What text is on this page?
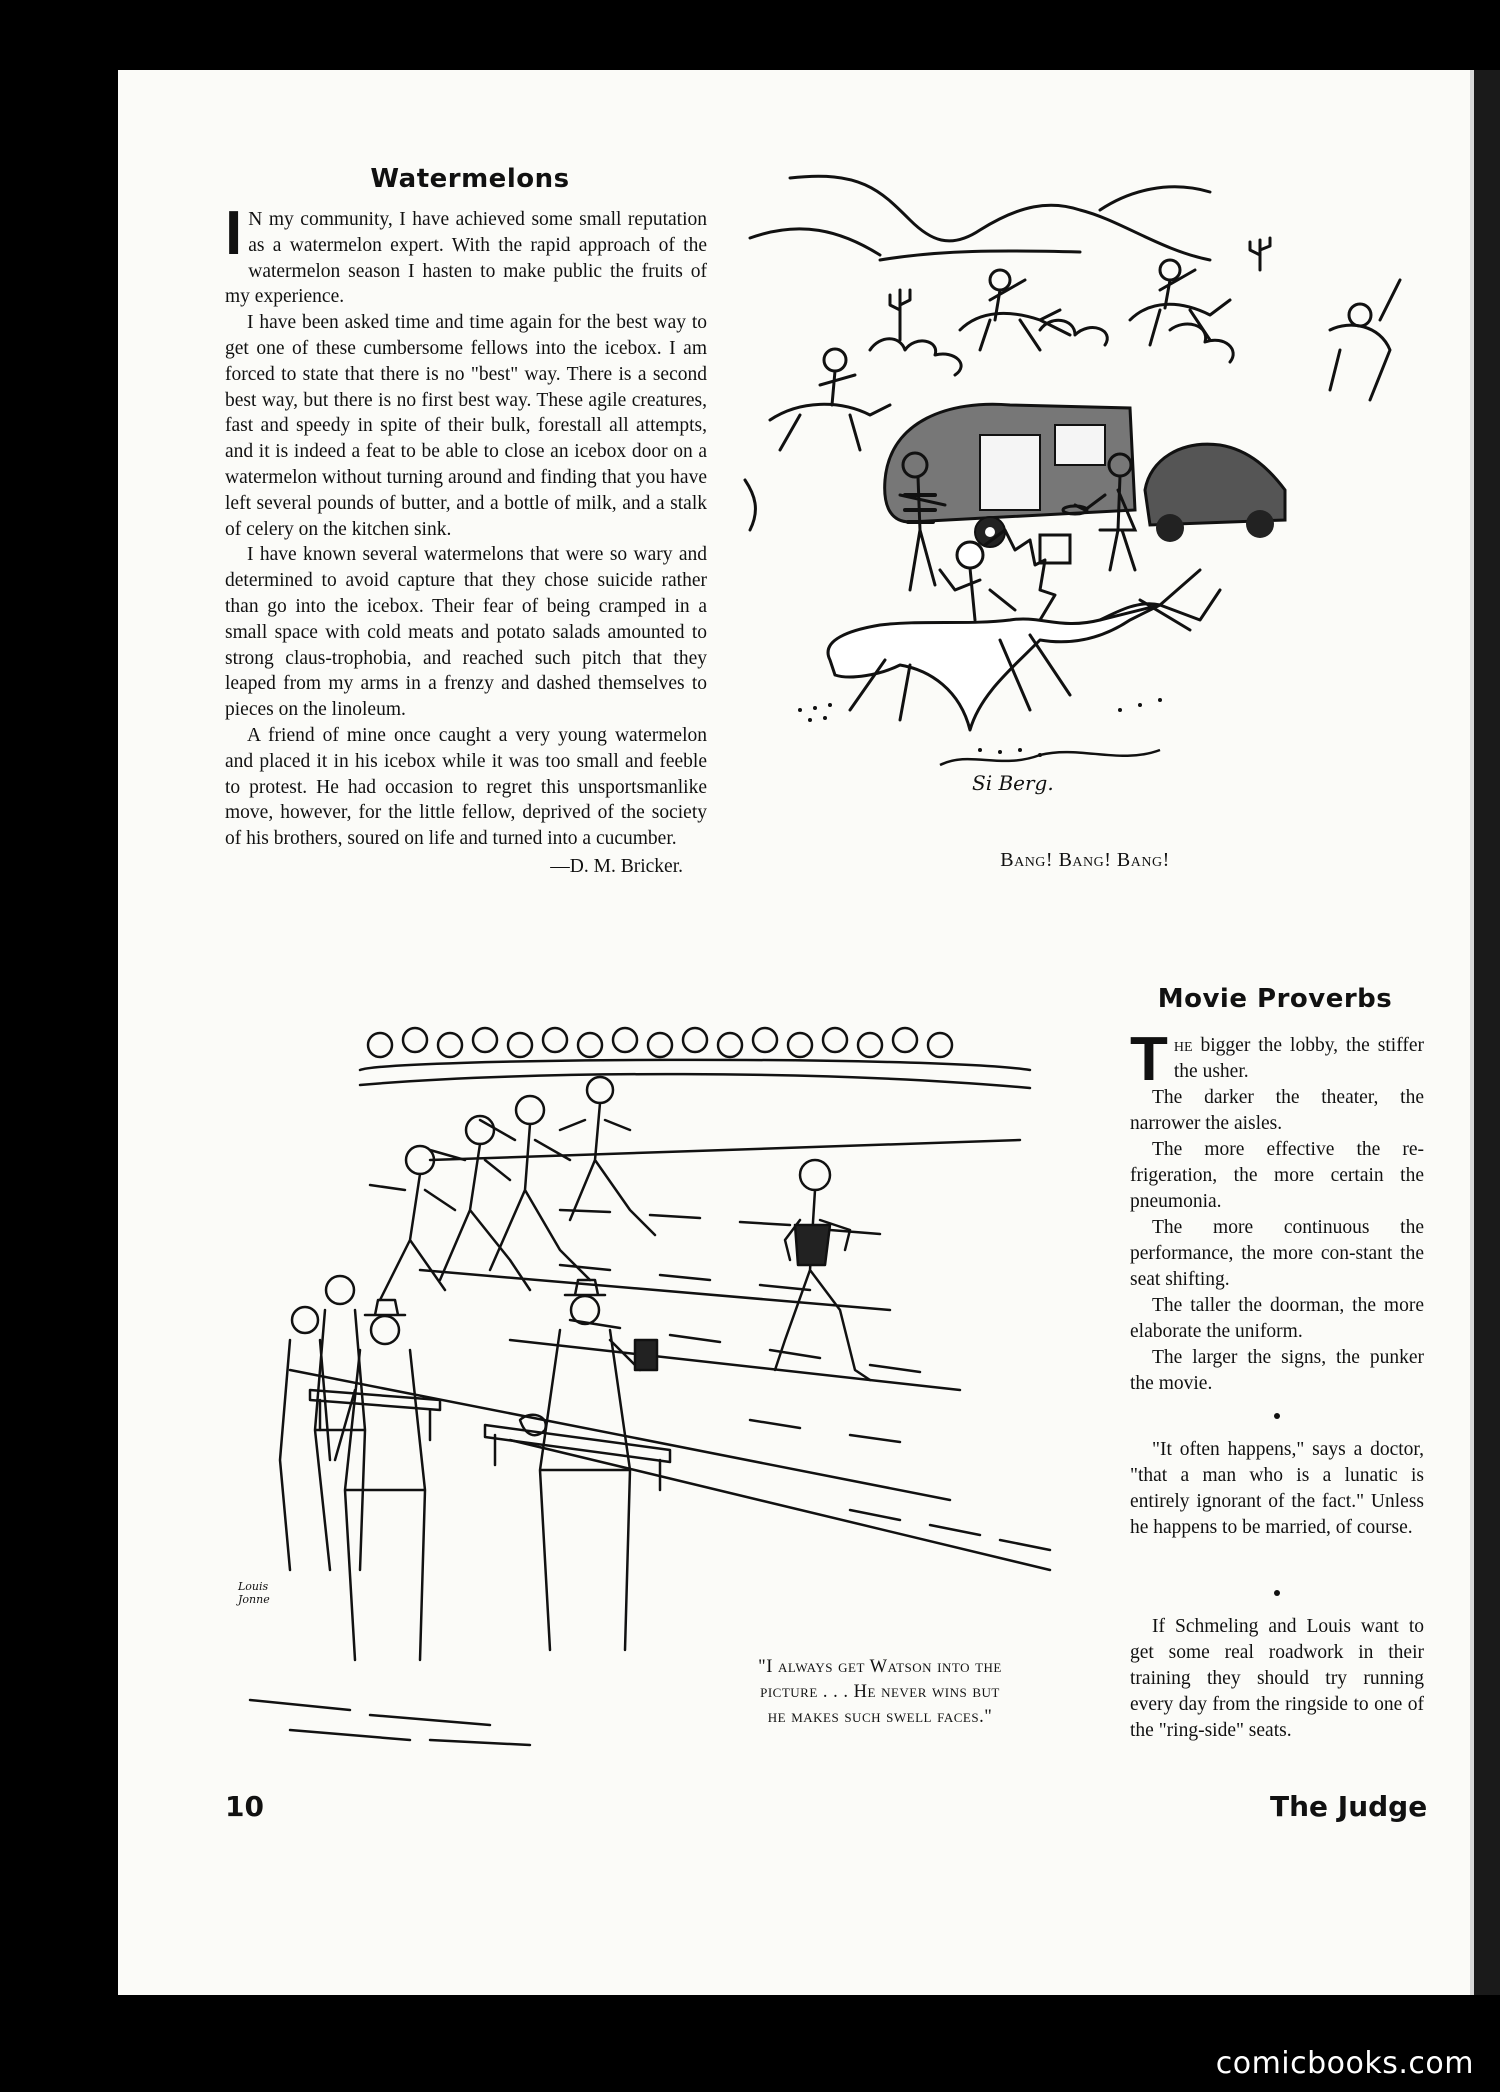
Watermelons

I N my community, I have achieved some small reputation as a watermelon expert. With the rapid approach of the watermelon season I hasten to make public the fruits of my experience.

I have been asked time and time again for the best way to get one of these cumbersome fellows into the icebox. I am forced to state that there is no "best" way. There is a second best way, but there is no first best way. These agile creatures, fast and speedy in spite of their bulk, forestall all attempts, and it is indeed a feat to be able to close an icebox door on a watermelon without turning around and finding that you have left several pounds of butter, and a bottle of milk, and a stalk of celery on the kitchen sink.

I have known several watermelons that were so wary and determined to avoid capture that they chose suicide rather than go into the icebox. Their fear of being cramped in a small space with cold meats and potato salads amounted to strong claus-trophobia, and reached such pitch that they leaped from my arms in a frenzy and dashed themselves to pieces on the linoleum.

A friend of mine once caught a very young watermelon and placed it in his icebox while it was too small and feeble to protest. He had occasion to regret this unsportsmanlike move, however, for the little fellow, deprived of the society of his brothers, soured on life and turned into a cucumber.

—D. M. Bricker.
Si Berg.
Bang! Bang! Bang!
Movie Proverbs

The bigger the lobby, the stiffer the usher.

The darker the theater, the narrower the aisles.

The more effective the re-frigeration, the more certain the pneumonia.

The more continuous the performance, the more con-stant the seat shifting.

The taller the doorman, the more elaborate the uniform.

The larger the signs, the punker the movie.

"It often happens," says a doctor, "that a man who is a lunatic is entirely ignorant of the fact." Unless he happens to be married, of course.

If Schmeling and Louis want to get some real roadwork in their training they should try running every day from the ringside to one of the "ring-side" seats.

Louis
Jonne
"I always get Watson into the
picture . . . He never wins but
he makes such swell faces."
10	The Judge
comicbooks.com
